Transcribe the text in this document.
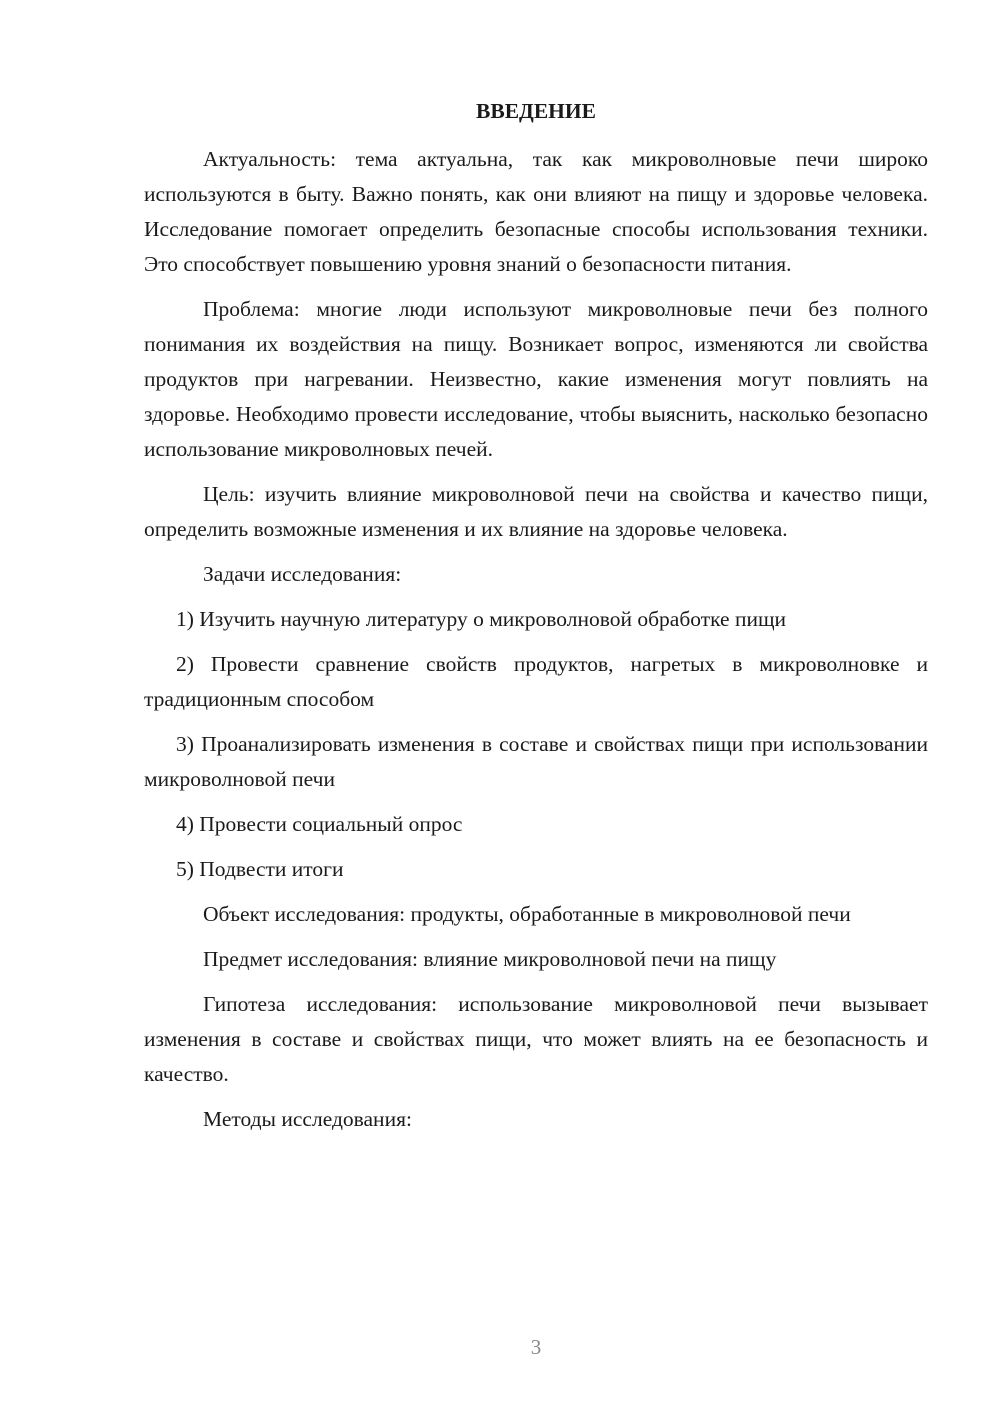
ВВЕДЕНИЕ

Актуальность: тема актуальна, так как микроволновые печи широко используются в быту. Важно понять, как они влияют на пищу и здоровье человека. Исследование помогает определить безопасные способы использования техники. Это способствует повышению уровня знаний о безопасности питания.

Проблема: многие люди используют микроволновые печи без полного понимания их воздействия на пищу. Возникает вопрос, изменяются ли свойства продуктов при нагревании. Неизвестно, какие изменения могут повлиять на здоровье. Необходимо провести исследование, чтобы выяснить, насколько безопасно использование микроволновых печей.

Цель: изучить влияние микроволновой печи на свойства и качество пищи, определить возможные изменения и их влияние на здоровье человека.

Задачи исследования:

1) Изучить научную литературу о микроволновой обработке пищи

2) Провести сравнение свойств продуктов, нагретых в микроволновке и традиционным способом

3) Проанализировать изменения в составе и свойствах пищи при использовании микроволновой печи

4) Провести социальный опрос

5) Подвести итоги

Объект исследования: продукты, обработанные в микроволновой печи

Предмет исследования: влияние микроволновой печи на пищу

Гипотеза исследования: использование микроволновой печи вызывает изменения в составе и свойствах пищи, что может влиять на ее безопасность и качество.

Методы исследования:

3
